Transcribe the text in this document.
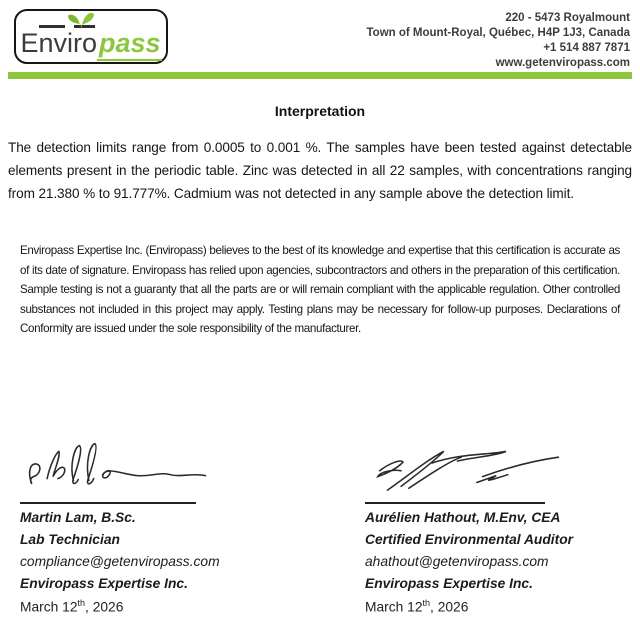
Enviropass
220 - 5473 Royalmount
Town of Mount-Royal, Québec, H4P 1J3, Canada
+1 514 887 7871
www.getenviropass.com
Interpretation

The detection limits range from 0.0005 to 0.001 %. The samples have been tested against detectable elements present in the periodic table. Zinc was detected in all 22 samples, with concentrations ranging from 21.380 % to 91.777%. Cadmium was not detected in any sample above the detection limit.

Enviropass Expertise Inc. (Enviropass) believes to the best of its knowledge and expertise that this certification is accurate as of its date of signature. Enviropass has relied upon agencies, subcontractors and others in the preparation of this certification. Sample testing is not a guaranty that all the parts are or will remain compliant with the applicable regulation. Other controlled substances not included in this project may apply. Testing plans may be necessary for follow-up purposes. Declarations of Conformity are issued under the sole responsibility of the manufacturer.

Martin Lam, B.Sc.

Lab Technician

compliance@getenviropass.com

Enviropass Expertise Inc.

March 12th, 2026

Aurélien Hathout, M.Env, CEA

Certified Environmental Auditor

ahathout@getenviropass.com

Enviropass Expertise Inc.

March 12th, 2026
